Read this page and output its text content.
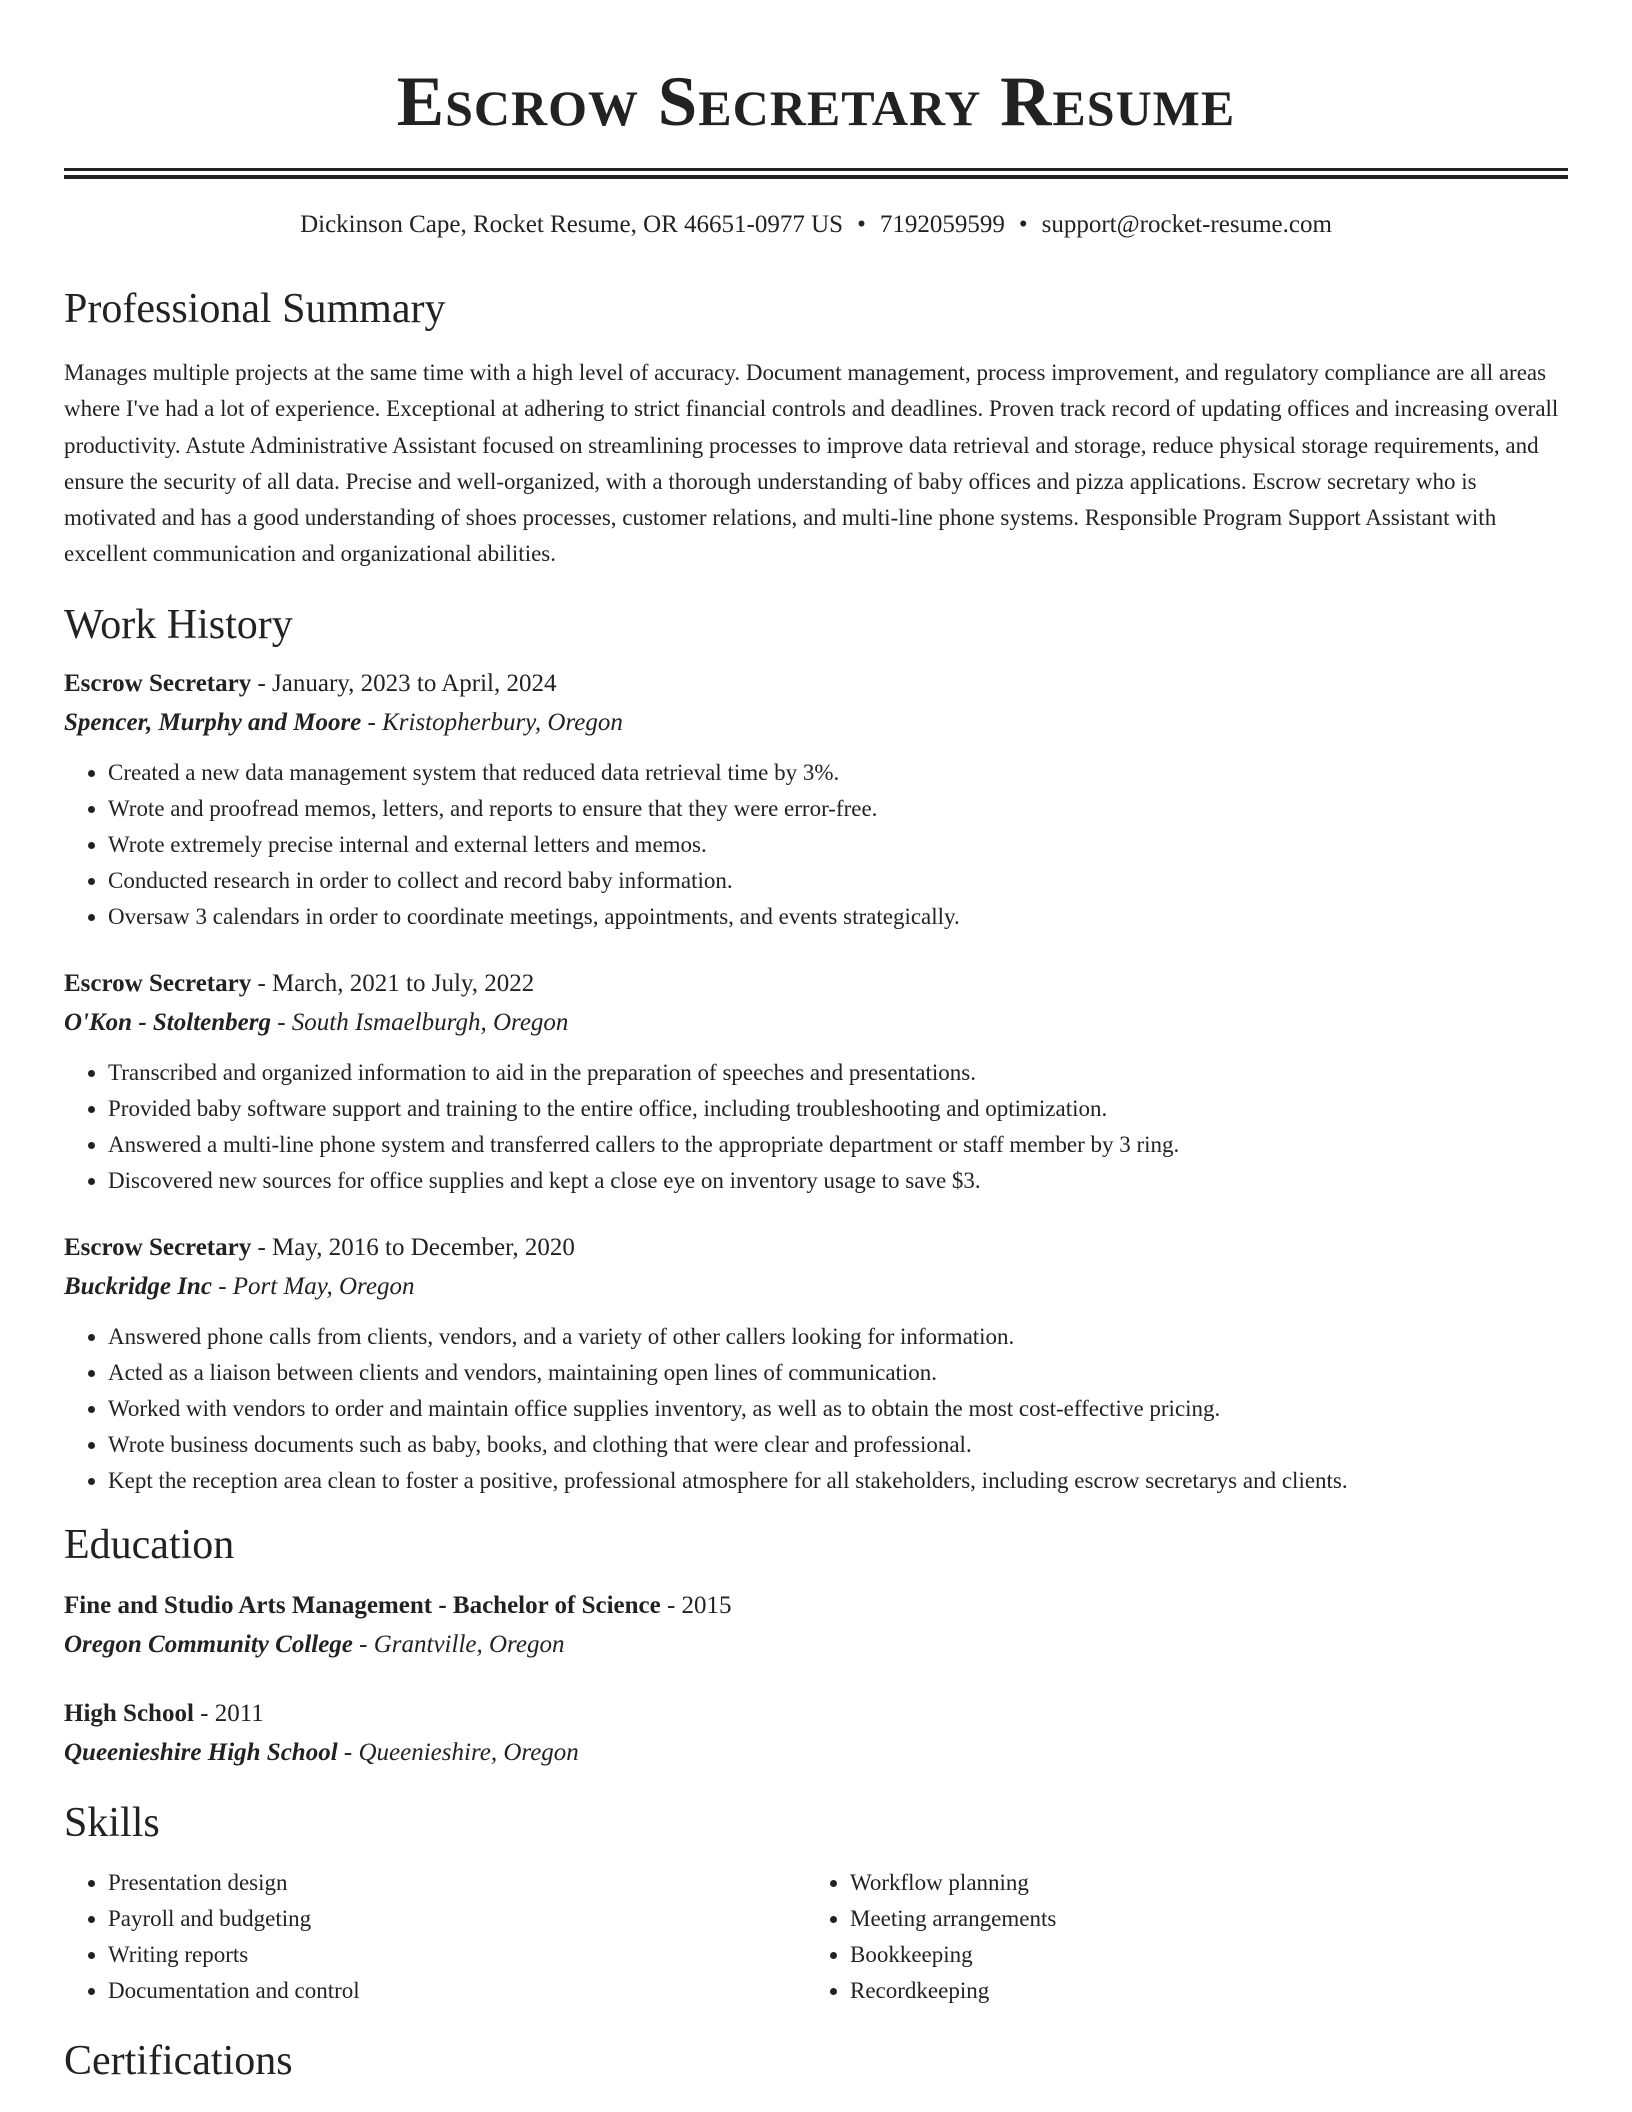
Escrow Secretary Resume
Dickinson Cape, Rocket Resume, OR 46651-0977 US • 7192059599 • support@rocket-resume.com
Professional Summary

Manages multiple projects at the same time with a high level of accuracy. Document management, process improvement, and regulatory compliance are all areas where I've had a lot of experience. Exceptional at adhering to strict financial controls and deadlines. Proven track record of updating offices and increasing overall productivity. Astute Administrative Assistant focused on streamlining processes to improve data retrieval and storage, reduce physical storage requirements, and ensure the security of all data. Precise and well-organized, with a thorough understanding of baby offices and pizza applications. Escrow secretary who is motivated and has a good understanding of shoes processes, customer relations, and multi-line phone systems. Responsible Program Support Assistant with excellent communication and organizational abilities.

Work History
Escrow Secretary - January, 2023 to April, 2024
Spencer, Murphy and Moore - Kristopherbury, Oregon
• Created a new data management system that reduced data retrieval time by 3%.
• Wrote and proofread memos, letters, and reports to ensure that they were error-free.
• Wrote extremely precise internal and external letters and memos.
• Conducted research in order to collect and record baby information.
• Oversaw 3 calendars in order to coordinate meetings, appointments, and events strategically.
Escrow Secretary - March, 2021 to July, 2022
O'Kon - Stoltenberg - South Ismaelburgh, Oregon
• Transcribed and organized information to aid in the preparation of speeches and presentations.
• Provided baby software support and training to the entire office, including troubleshooting and optimization.
• Answered a multi-line phone system and transferred callers to the appropriate department or staff member by 3 ring.
• Discovered new sources for office supplies and kept a close eye on inventory usage to save $3.
Escrow Secretary - May, 2016 to December, 2020
Buckridge Inc - Port May, Oregon
• Answered phone calls from clients, vendors, and a variety of other callers looking for information.
• Acted as a liaison between clients and vendors, maintaining open lines of communication.
• Worked with vendors to order and maintain office supplies inventory, as well as to obtain the most cost-effective pricing.
• Wrote business documents such as baby, books, and clothing that were clear and professional.
• Kept the reception area clean to foster a positive, professional atmosphere for all stakeholders, including escrow secretarys and clients.
Education
Fine and Studio Arts Management - Bachelor of Science - 2015
Oregon Community College - Grantville, Oregon
High School - 2011
Queenieshire High School - Queenieshire, Oregon
Skills
• Presentation design
• Payroll and budgeting
• Writing reports
• Documentation and control
• Workflow planning
• Meeting arrangements
• Bookkeeping
• Recordkeeping
Certifications
